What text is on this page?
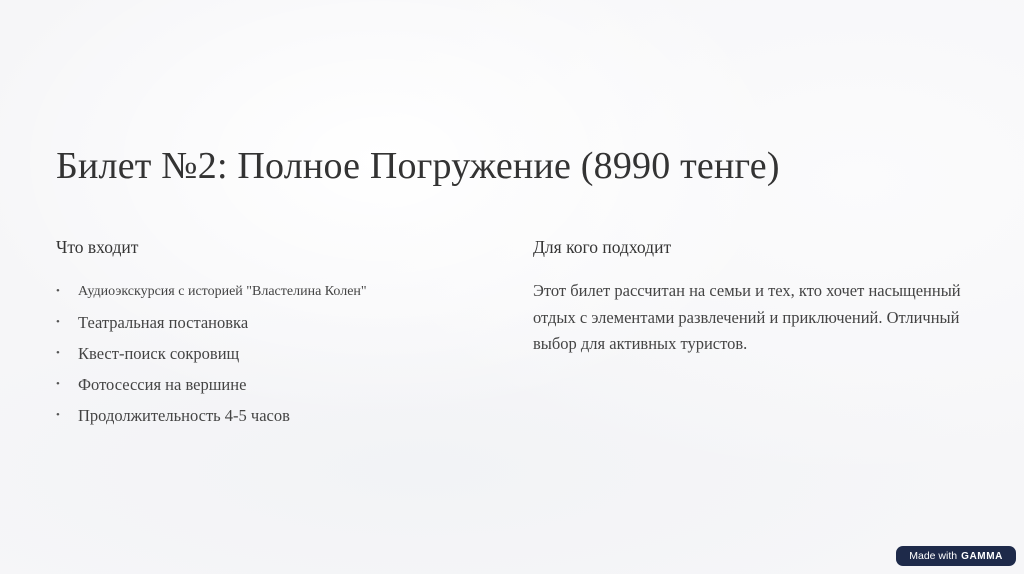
Билет №2: Полное Погружение (8990 тенге)
Что входит
• Аудиоэкскурсия с историей "Властелина Колен"
• Театральная постановка
• Квест-поиск сокровищ
• Фотосессия на вершине
• Продолжительность 4-5 часов
Для кого подходит

Этот билет рассчитан на семьи и тех, кто хочет насыщенный отдых с элементами развлечений и приключений. Отличный выбор для активных туристов.

Made with GAMMA
